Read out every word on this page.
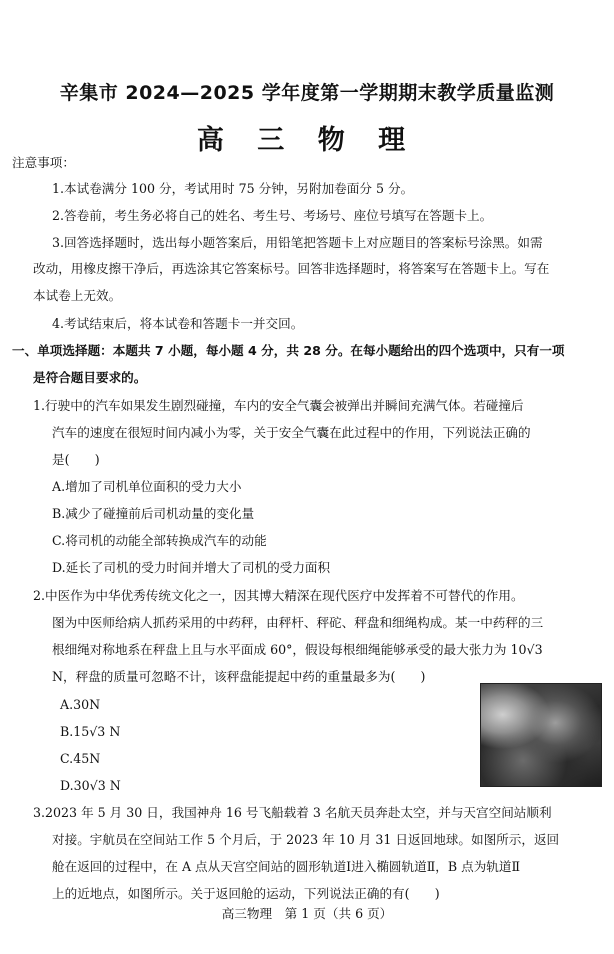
辛集市 2024—2025 学年度第一学期期末教学质量监测
高 三 物 理
注意事项：
1.本试卷满分 100 分，考试用时 75 分钟，另附加卷面分 5 分。
2.答卷前，考生务必将自己的姓名、考生号、考场号、座位号填写在答题卡上。
3.回答选择题时，选出每小题答案后，用铅笔把答题卡上对应题目的答案标号涂黑。如需
改动，用橡皮擦干净后，再选涂其它答案标号。回答非选择题时，将答案写在答题卡上。写在
本试卷上无效。
4.考试结束后，将本试卷和答题卡一并交回。
一、单项选择题：本题共 7 小题，每小题 4 分，共 28 分。在每小题给出的四个选项中，只有一项
是符合题目要求的。
1.行驶中的汽车如果发生剧烈碰撞，车内的安全气囊会被弹出并瞬间充满气体。若碰撞后
汽车的速度在很短时间内减小为零，关于安全气囊在此过程中的作用，下列说法正确的
是(　　)
A.增加了司机单位面积的受力大小
B.减少了碰撞前后司机动量的变化量
C.将司机的动能全部转换成汽车的动能
D.延长了司机的受力时间并增大了司机的受力面积
2.中医作为中华优秀传统文化之一，因其博大精深在现代医疗中发挥着不可替代的作用。
图为中医师给病人抓药采用的中药秤，由秤杆、秤砣、秤盘和细绳构成。某一中药秤的三
根细绳对称地系在秤盘上且与水平面成 60°，假设每根细绳能够承受的最大张力为 10√3
N，秤盘的质量可忽略不计，该秤盘能提起中药的重量最多为(　　)
A.30N
B.15√3 N
C.45N
D.30√3 N
3.2023 年 5 月 30 日，我国神舟 16 号飞船载着 3 名航天员奔赴太空，并与天宫空间站顺利
对接。宇航员在空间站工作 5 个月后，于 2023 年 10 月 31 日返回地球。如图所示，返回
舱在返回的过程中，在 A 点从天宫空间站的圆形轨道Ⅰ进入椭圆轨道Ⅱ，B 点为轨道Ⅱ
上的近地点，如图所示。关于返回舱的运动，下列说法正确的有(　　)
高三物理　第 1 页（共 6 页）
